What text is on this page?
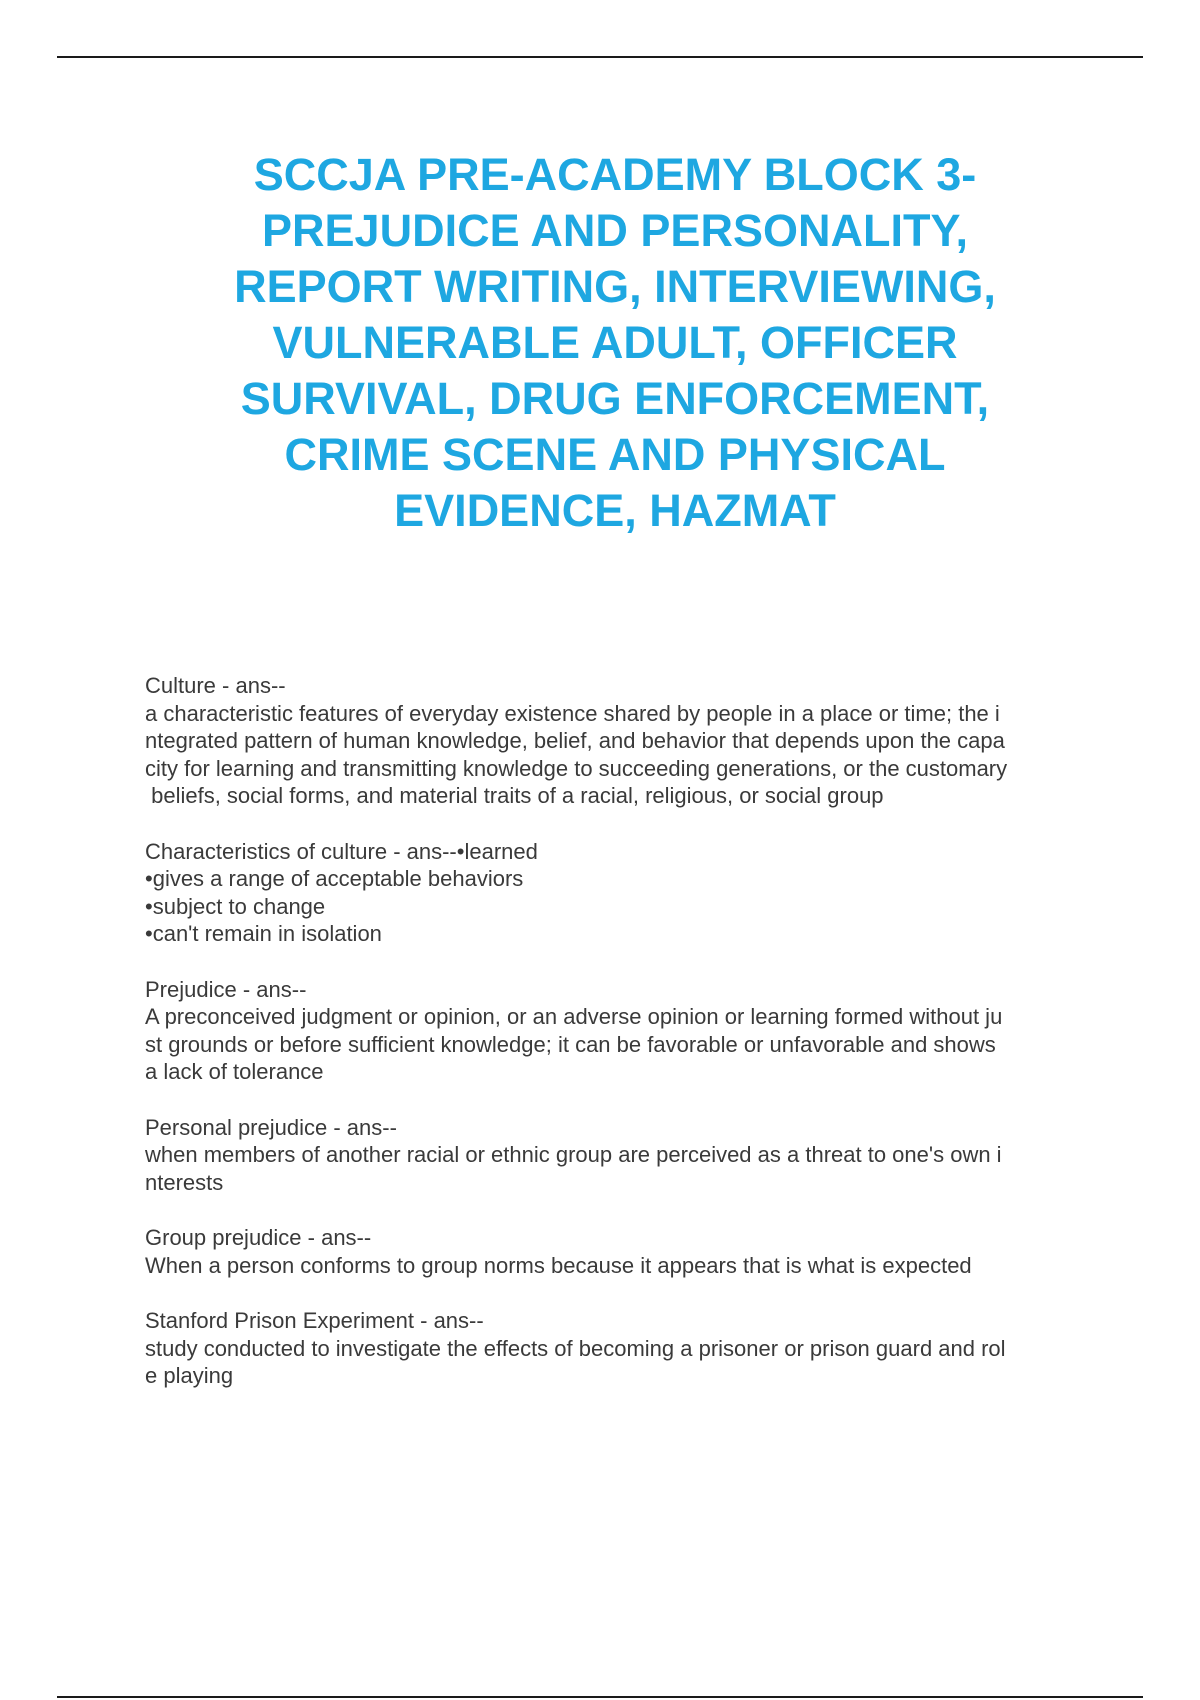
SCCJA PRE-ACADEMY BLOCK 3-PREJUDICE AND PERSONALITY, REPORT WRITING, INTERVIEWING, VULNERABLE ADULT, OFFICER SURVIVAL, DRUG ENFORCEMENT, CRIME SCENE AND PHYSICAL EVIDENCE, HAZMAT
Culture - ans--
a characteristic features of everyday existence shared by people in a place or time; the i
ntegrated pattern of human knowledge, belief, and behavior that depends upon the capa
city for learning and transmitting knowledge to succeeding generations, or the customary
beliefs, social forms, and material traits of a racial, religious, or social group
Characteristics of culture - ans--•learned
•gives a range of acceptable behaviors
•subject to change
•can't remain in isolation
Prejudice - ans--
A preconceived judgment or opinion, or an adverse opinion or learning formed without ju
st grounds or before sufficient knowledge; it can be favorable or unfavorable and shows
a lack of tolerance
Personal prejudice - ans--
when members of another racial or ethnic group are perceived as a threat to one's own i
nterests
Group prejudice - ans--
When a person conforms to group norms because it appears that is what is expected
Stanford Prison Experiment - ans--
study conducted to investigate the effects of becoming a prisoner or prison guard and rol
e playing
